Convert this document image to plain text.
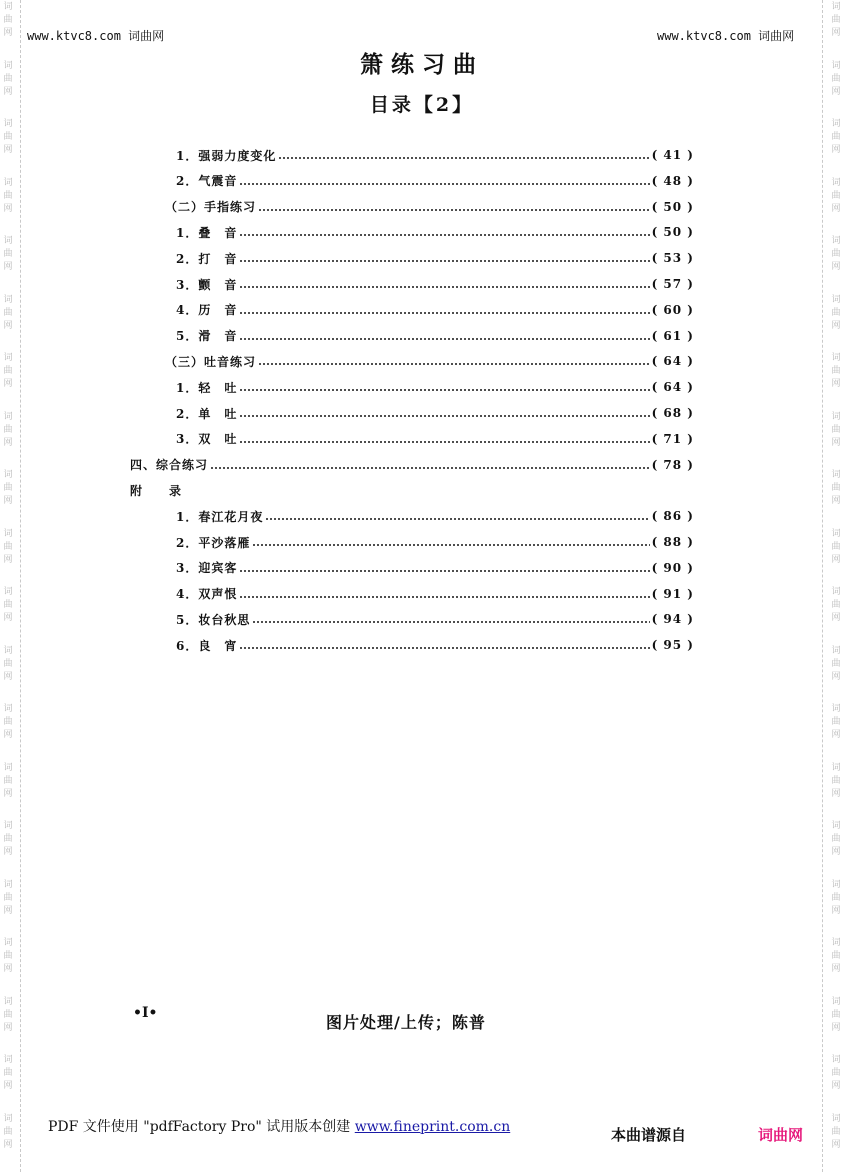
词
曲
网
词
曲
网
词
曲
网
词
曲
网
词
曲
网
词
曲
网
词
曲
网
词
曲
网
词
曲
网
词
曲
网
词
曲
网
词
曲
网
词
曲
网
词
曲
网
词
曲
网
词
曲
网
词
曲
网
词
曲
网
词
曲
网
词
曲
网
词
曲
网
词
曲
网
词
曲
网
词
曲
网
词
曲
网
词
曲
网
词
曲
网
词
曲
网
词
曲
网
词
曲
网
词
曲
网
词
曲
网
词
曲
网
词
曲
网
词
曲
网
词
曲
网
词
曲
网
词
曲
网
词
曲
网
词
曲
网
www.ktvc8.com 词曲网	www.ktvc8.com 词曲网
箫练习曲
目录【2】
1．强弱力度变化	( 41 )
2．气震音	( 48 )
（二）手指练习	( 50 )
1．叠　音	( 50 )
2．打　音	( 53 )
3．颤　音	( 57 )
4．历　音	( 60 )
5．滑　音	( 61 )
（三）吐音练习	( 64 )
1．轻　吐	( 64 )
2．单　吐	( 68 )
3．双　吐	( 71 )
四、综合练习	( 78 )
附　　录
1．春江花月夜	( 86 )
2．平沙落雁	( 88 )
3．迎宾客	( 90 )
4．双声恨	( 91 )
5．妆台秋思	( 94 )
6．良　宵	( 95 )
•Ⅰ•	图片处理/上传；陈普
PDF 文件使用 "pdfFactory Pro" 试用版本创建 www.fineprint.com.cn	本曲谱源自	词曲网
